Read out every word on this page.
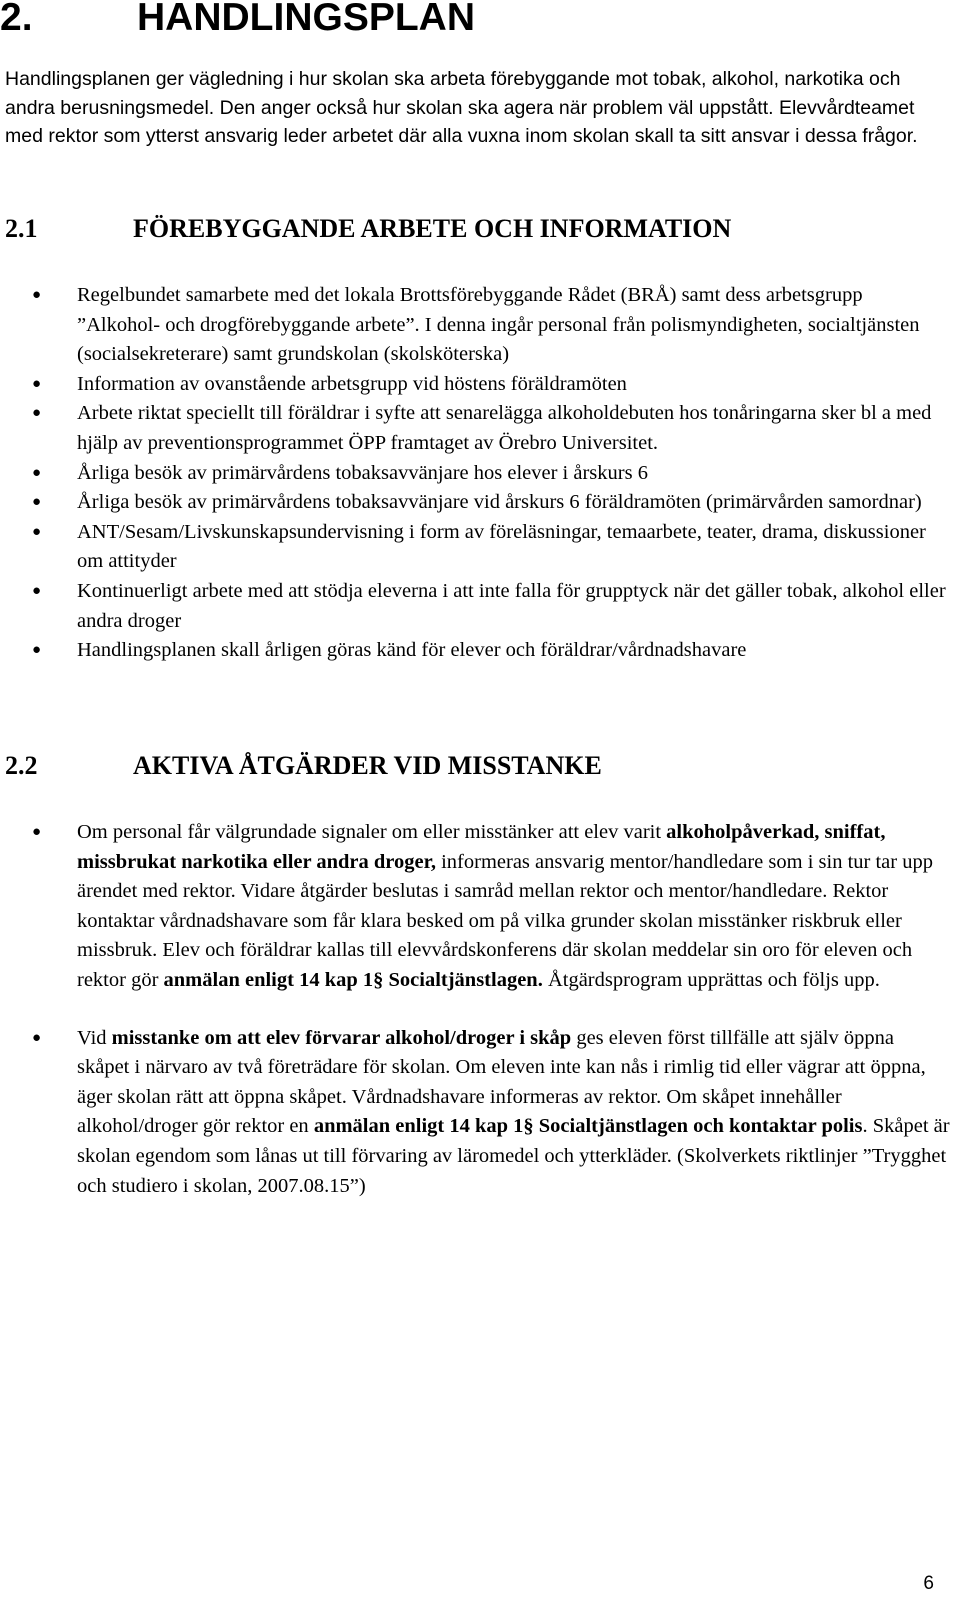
2.	HANDLINGSPLAN

Handlingsplanen ger vägledning i hur skolan ska arbeta förebyggande mot tobak, alkohol, narkotika och andra berusningsmedel. Den anger också hur skolan ska agera när problem väl uppstått. Elevvårdteamet med rektor som ytterst ansvarig leder arbetet där alla vuxna inom skolan skall ta sitt ansvar i dessa frågor.

2.1	FÖREBYGGANDE ARBETE OCH INFORMATION
● Regelbundet samarbete med det lokala Brottsförebyggande Rådet (BRÅ) samt dess arbetsgrupp ”Alkohol- och drogförebyggande arbete”. I denna ingår personal från polismyndigheten, socialtjänsten (socialsekreterare) samt grundskolan (skolsköterska)
● Information av ovanstående arbetsgrupp vid höstens föräldramöten
● Arbete riktat speciellt till föräldrar i syfte att senarelägga alkoholdebuten hos tonåringarna sker bl a med hjälp av preventionsprogrammet ÖPP framtaget av Örebro Universitet.
● Årliga besök av primärvårdens tobaksavvänjare hos elever i årskurs 6
● Årliga besök av primärvårdens tobaksavvänjare vid årskurs 6 föräldramöten (primärvården samordnar)
● ANT/Sesam/Livskunskapsundervisning i form av föreläsningar, temaarbete, teater, drama, diskussioner om attityder
● Kontinuerligt arbete med att stödja eleverna i att inte falla för grupptyck när det gäller tobak, alkohol eller andra droger
● Handlingsplanen skall årligen göras känd för elever och föräldrar/vårdnadshavare
2.2	AKTIVA ÅTGÄRDER VID MISSTANKE
● Om personal får välgrundade signaler om eller misstänker att elev varit alkoholpåverkad, sniffat, missbrukat narkotika eller andra droger, informeras ansvarig mentor/handledare som i sin tur tar upp ärendet med rektor. Vidare åtgärder beslutas i samråd mellan rektor och mentor/handledare. Rektor kontaktar vårdnadshavare som får klara besked om på vilka grunder skolan misstänker riskbruk eller missbruk. Elev och föräldrar kallas till elevvårdskonferens där skolan meddelar sin oro för eleven och rektor gör anmälan enligt 14 kap 1§ Socialtjänstlagen. Åtgärdsprogram upprättas och följs upp.
● Vid misstanke om att elev förvarar alkohol/droger i skåp ges eleven först tillfälle att själv öppna skåpet i närvaro av två företrädare för skolan. Om eleven inte kan nås i rimlig tid eller vägrar att öppna, äger skolan rätt att öppna skåpet. Vårdnadshavare informeras av rektor. Om skåpet innehåller alkohol/droger gör rektor en anmälan enligt 14 kap 1§ Socialtjänstlagen och kontaktar polis. Skåpet är skolan egendom som lånas ut till förvaring av läromedel och ytterkläder. (Skolverkets riktlinjer ”Trygghet och studiero i skolan, 2007.08.15”)
6
